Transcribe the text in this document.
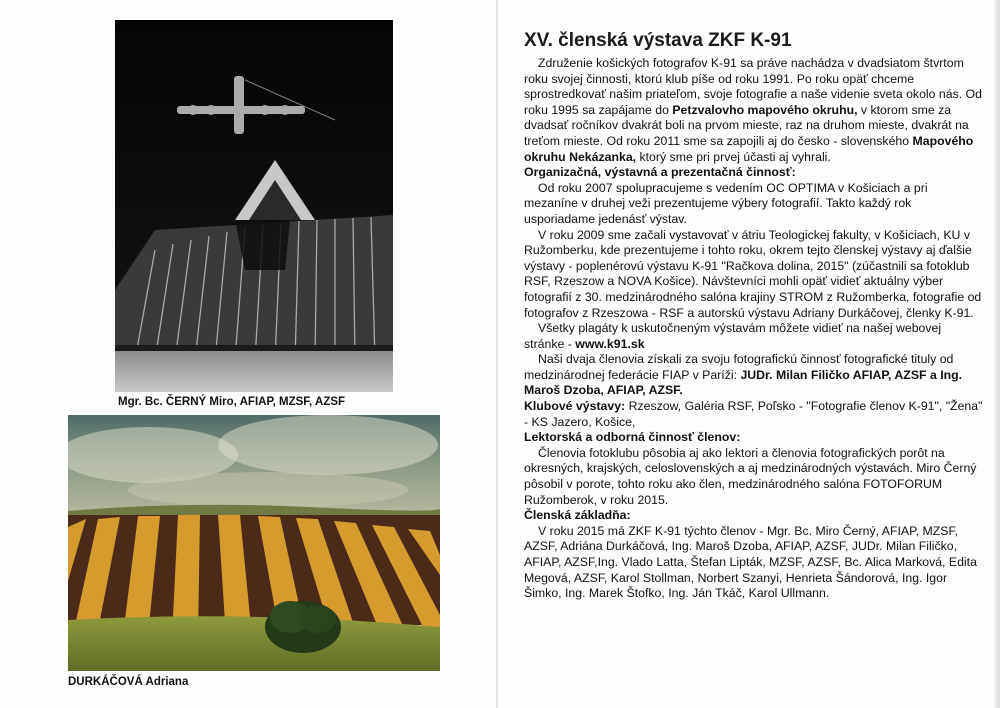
Mgr. Bc. ČERNÝ Miro, AFIAP, MZSF, AZSF
DURKÁČOVÁ Adriana
XV. členská výstava ZKF K-91

Združenie košických fotografov K-91 sa práve nachádza v dvadsiatom štvrtom roku svojej činnosti, ktorú klub píše od roku 1991. Po roku opäť chceme sprostredkovať našim priateľom, svoje fotografie a naše videnie sveta okolo nás. Od roku 1995 sa zapájame do Petzvalovho mapového okruhu, v ktorom sme za dvadsať ročníkov dvakrát boli na prvom mieste, raz na druhom mieste, dvakrát na treťom mieste. Od roku 2011 sme sa zapojili aj do česko - slovenského Mapového okruhu Nekázanka, ktorý sme pri prvej účasti aj vyhrali.

Organizačná, výstavná a prezentačná činnosť:

Od roku 2007 spolupracujeme s vedením OC OPTIMA v Košiciach a pri mezaníne v druhej veži prezentujeme výbery fotografií. Takto každý rok usporiadame jedenásť výstav.

V roku 2009 sme začali vystavovať v átriu Teologickej fakulty, v Košiciach, KU v Ružomberku, kde prezentujeme i tohto roku, okrem tejto členskej výstavy aj ďalšie výstavy - poplenérovú výstavu K-91 "Račkova dolina, 2015" (zúčastnili sa fotoklub RSF, Rzeszow a NOVA Košice). Návštevníci mohli opäť vidieť aktuálny výber fotografií z 30. medzinárodného salóna krajiny STROM z Ružomberka, fotografie od fotografov z Rzeszowa - RSF a autorskú výstavu Adriany Durkáčovej, členky K-91.

Všetky plagáty k uskutočneným výstavám môžete vidieť na našej webovej stránke - www.k91.sk

Naši dvaja členovia získali za svoju fotografickú činnosť fotografické tituly od medzinárodnej federácie FIAP v Paríži: JUDr. Milan Filičko AFIAP, AZSF a Ing. Maroš Dzoba, AFIAP, AZSF.

Klubové výstavy: Rzeszow, Galéria RSF, Poľsko - "Fotografie členov K-91", "Žena" - KS Jazero, Košice,

Lektorská a odborná činnosť členov:

Členovia fotoklubu pôsobia aj ako lektori a členovia fotografických porôt na okresných, krajských, celoslovenských a aj medzinárodných výstavách. Miro Černý pôsobil v porote, tohto roku ako člen, medzinárodného salóna FOTOFORUM Ružomberok, v roku 2015.

Členská základňa:

V roku 2015 má ZKF K-91 týchto členov - Mgr. Bc. Miro Černý, AFIAP, MZSF, AZSF, Adriána Durkáčová, Ing. Maroš Dzoba, AFIAP, AZSF, JUDr. Milan Filičko, AFIAP, AZSF,Ing. Vlado Latta, Štefan Lipták, MZSF, AZSF, Bc. Alica Marková, Edita Megová, AZSF, Karol Stollman, Norbert Szanyi, Henrieta Šándorová, Ing. Igor Šimko, Ing. Marek Štofko, Ing. Ján Tkáč, Karol Ullmann.
